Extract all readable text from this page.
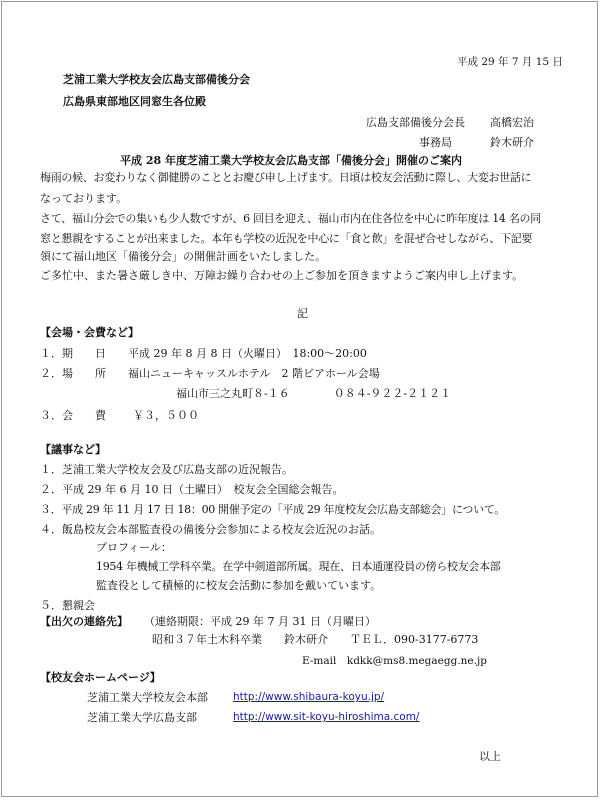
平成 29 年 7 月 15 日
芝浦工業大学校友会広島支部備後分会
広島県東部地区同窓生各位殿
広島支部備後分会長 高橋宏治
事務局	鈴木研介
平成 28 年度芝浦工業大学校友会広島支部「備後分会」開催のご案内
梅雨の候、お変わりなく御健勝のこととお慶び申し上げます。日頃は校友会活動に際し、大変お世話に
なっております。
さて、福山分会での集いも少人数ですが、6 回目を迎え、福山市内在住各位を中心に昨年度は 14 名の同
窓と懇親をすることが出来ました。本年も学校の近況を中心に「食と飲」を混ぜ合せしながら、下記要
領にて福山地区「備後分会」の開催計画をいたしました。
ご多忙中、また暑さ厳しき中、万障お繰り合わせの上ご参加を頂きますようご案内申し上げます。
記
【会場・会費など】
１．期　　日 平成 29 年 8 月 8 日（火曜日）　18:00～20:00
２．場　　所 福山ニューキャッスルホテル　2 階ビアホール会場
福山市三之丸町８-１６　　　　０８４-９２２-２１２１
３．会　　費 ￥３，５００
【議事など】
１．芝浦工業大学校友会及び広島支部の近況報告。
２．平成 29 年 6 月 10 日（土曜日）　校友会全国総会報告。
３．平成 29 年 11 月 17 日 18：00 開催予定の「平成 29 年度校友会広島支部総会」について。
４．飯島校友会本部監査役の備後分会参加による校友会近況のお話。
プロフィール：
1954 年機械工学科卒業。在学中剣道部所属。現在、日本通運役員の傍ら校友会本部
監査役として積極的に校友会活動に参加を戴いています。
５．懇親会
【出欠の連絡先】 （連絡期限：平成 29 年 7 月 31 日（月曜日）
昭和３７年土木科卒業　　鈴木研介　　ＴＥＬ．090-3177-6773
E-mail　kdkk@ms8.megaegg.ne.jp
【校友会ホームページ】
芝浦工業大学校友会本部 http://www.shibaura-koyu.jp/
芝浦工業大学広島支部	http://www.sit-koyu-hiroshima.com/
以上
